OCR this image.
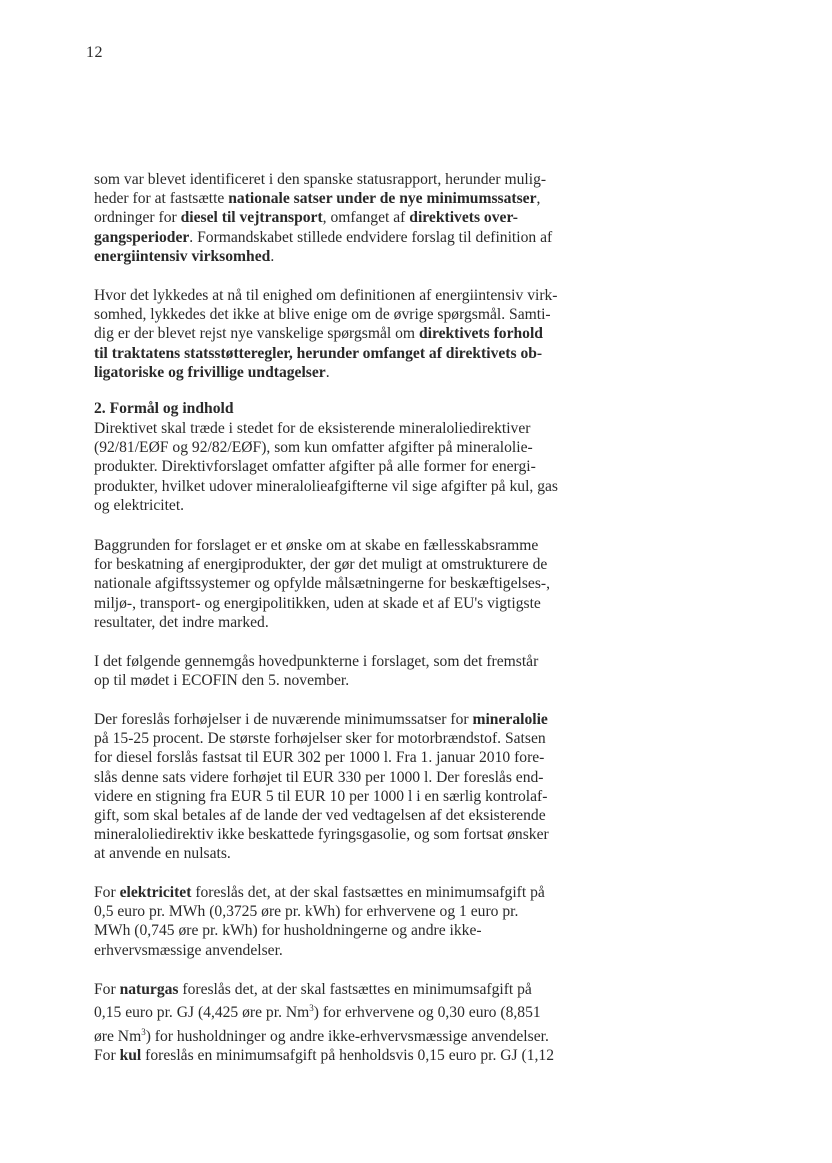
12
som var blevet identificeret i den spanske statusrapport, herunder mulig-
heder for at fastsætte nationale satser under de nye minimumssatser,
ordninger for diesel til vejtransport, omfanget af direktivets over-
gangsperioder. Formandskabet stillede endvidere forslag til definition af
energiintensiv virksomhed.
Hvor det lykkedes at nå til enighed om definitionen af energiintensiv virk-
somhed, lykkedes det ikke at blive enige om de øvrige spørgsmål. Samti-
dig er der blevet rejst nye vanskelige spørgsmål om direktivets forhold
til traktatens statsstøtteregler, herunder omfanget af direktivets ob-
ligatoriske og frivillige undtagelser.
2. Formål og indhold
Direktivet skal træde i stedet for de eksisterende mineraloliedirektiver
(92/81/EØF og 92/82/EØF), som kun omfatter afgifter på mineralolie-
produkter. Direktivforslaget omfatter afgifter på alle former for energi-
produkter, hvilket udover mineralolieafgifterne vil sige afgifter på kul, gas
og elektricitet.
Baggrunden for forslaget er et ønske om at skabe en fællesskabsramme
for beskatning af energiprodukter, der gør det muligt at omstrukturere de
nationale afgiftssystemer og opfylde målsætningerne for beskæftigelses-,
miljø-, transport- og energipolitikken, uden at skade et af EU's vigtigste
resultater, det indre marked.
I det følgende gennemgås hovedpunkterne i forslaget, som det fremstår
op til mødet i ECOFIN den 5. november.
Der foreslås forhøjelser i de nuværende minimumssatser for mineralolie
på 15-25 procent. De største forhøjelser sker for motorbrændstof. Satsen
for diesel forslås fastsat til EUR 302 per 1000 l. Fra 1. januar 2010 fore-
slås denne sats videre forhøjet til EUR 330 per 1000 l. Der foreslås end-
videre en stigning fra EUR 5 til EUR 10 per 1000 l i en særlig kontrolaf-
gift, som skal betales af de lande der ved vedtagelsen af det eksisterende
mineraloliedirektiv ikke beskattede fyringsgasolie, og som fortsat ønsker
at anvende en nulsats.
For elektricitet foreslås det, at der skal fastsættes en minimumsafgift på
0,5 euro pr. MWh (0,3725 øre pr. kWh) for erhvervene og 1 euro pr.
MWh (0,745 øre pr. kWh) for husholdningerne og andre ikke-
erhvervsmæssige anvendelser.
For naturgas foreslås det, at der skal fastsættes en minimumsafgift på
0,15 euro pr. GJ (4,425 øre pr. Nm$^3$) for erhvervene og 0,30 euro (8,851
øre Nm$^3$) for husholdninger og andre ikke-erhvervsmæssige anvendelser.
For kul foreslås en minimumsafgift på henholdsvis 0,15 euro pr. GJ (1,12
